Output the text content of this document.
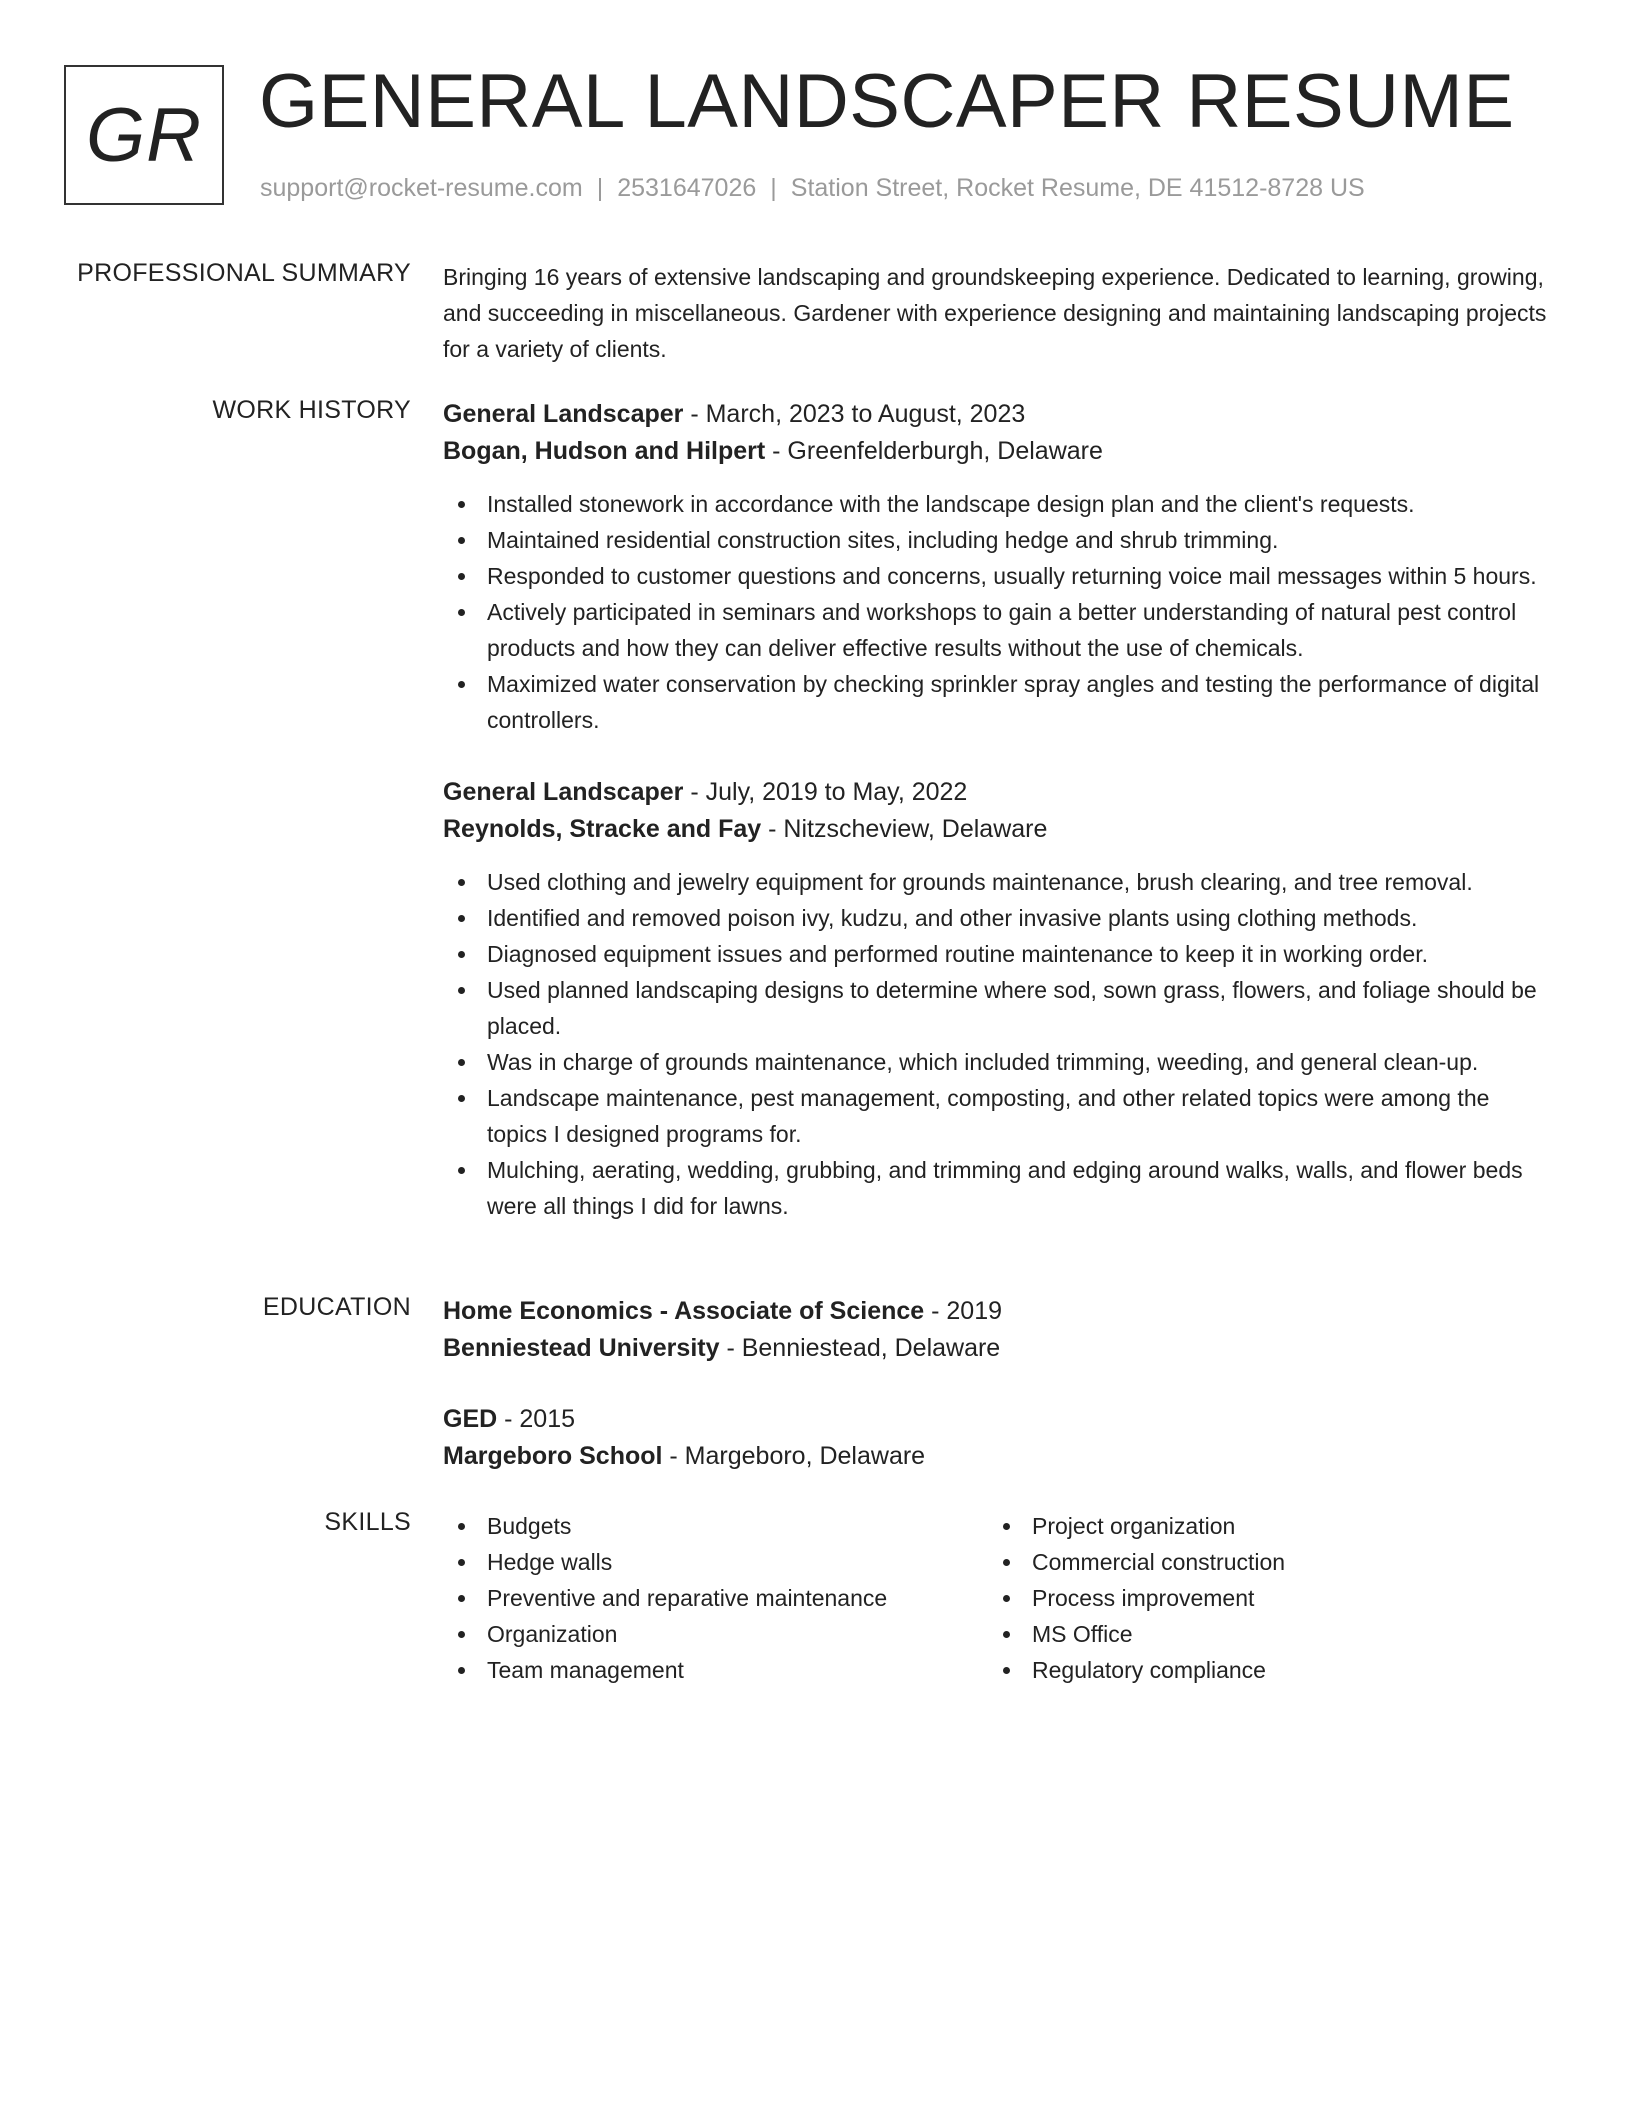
GR GENERAL LANDSCAPER RESUME
support@rocket-resume.com | 2531647026 | Station Street, Rocket Resume, DE 41512-8728 US
PROFESSIONAL SUMMARY Bringing 16 years of extensive landscaping and groundskeeping experience. Dedicated to learning, growing, and succeeding in miscellaneous. Gardener with experience designing and maintaining landscaping projects for a variety of clients.

WORK HISTORY General Landscaper - March, 2023 to August, 2023
Bogan, Hudson and Hilpert - Greenfelderburgh, Delaware
Installed stonework in accordance with the landscape design plan and the client's requests.
Maintained residential construction sites, including hedge and shrub trimming.
Responded to customer questions and concerns, usually returning voice mail messages within 5 hours.
Actively participated in seminars and workshops to gain a better understanding of natural pest control products and how they can deliver effective results without the use of chemicals.
Maximized water conservation by checking sprinkler spray angles and testing the performance of digital controllers.
General Landscaper - July, 2019 to May, 2022
Reynolds, Stracke and Fay - Nitzscheview, Delaware
Used clothing and jewelry equipment for grounds maintenance, brush clearing, and tree removal.
Identified and removed poison ivy, kudzu, and other invasive plants using clothing methods.
Diagnosed equipment issues and performed routine maintenance to keep it in working order.
Used planned landscaping designs to determine where sod, sown grass, flowers, and foliage should be placed.
Was in charge of grounds maintenance, which included trimming, weeding, and general clean-up.
Landscape maintenance, pest management, composting, and other related topics were among the topics I designed programs for.
Mulching, aerating, wedding, grubbing, and trimming and edging around walks, walls, and flower beds were all things I did for lawns.
EDUCATION Home Economics - Associate of Science - 2019
Benniestead University - Benniestead, Delaware
GED - 2015
Margeboro School - Margeboro, Delaware
SKILLS	Budgets
Hedge walls
Preventive and reparative maintenance
Organization
Team management
Project organization
Commercial construction
Process improvement
MS Office
Regulatory compliance
